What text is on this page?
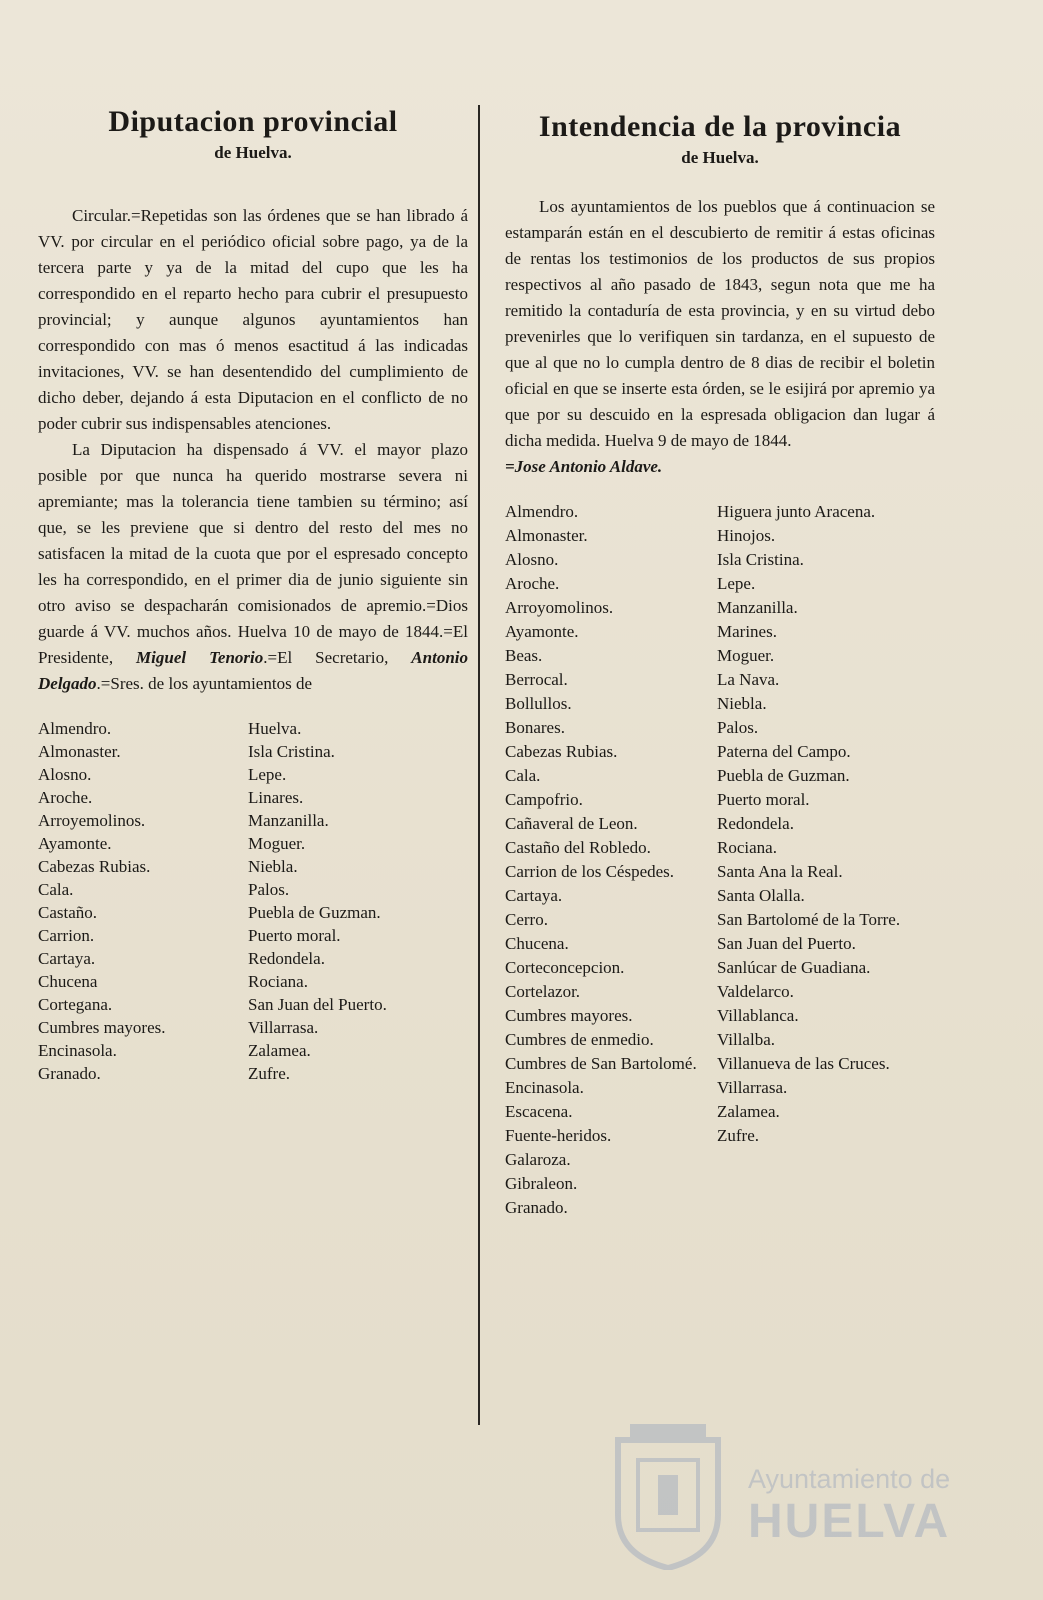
Diputacion provincial
de Huelva.

Circular.=Repetidas son las órdenes que se han librado á VV. por circular en el periódico oficial sobre pago, ya de la tercera parte y ya de la mitad del cupo que les ha correspondido en el reparto hecho para cubrir el presupuesto provincial; y aunque algunos ayuntamientos han correspondido con mas ó menos esactitud á las indicadas invitaciones, VV. se han desentendido del cumplimiento de dicho deber, dejando á esta Diputacion en el conflicto de no poder cubrir sus indispensables atenciones.

La Diputacion ha dispensado á VV. el mayor plazo posible por que nunca ha querido mostrarse severa ni apremiante; mas la tolerancia tiene tambien su término; así que, se les previene que si dentro del resto del mes no satisfacen la mitad de la cuota que por el espresado concepto les ha correspondido, en el primer dia de junio siguiente sin otro aviso se despacharán comisionados de apremio.=Dios guarde á VV. muchos años. Huelva 10 de mayo de 1844.=El Presidente, Miguel Tenorio.=El Secretario, Antonio Delgado.=Sres. de los ayuntamientos de

Almendro.
Almonaster.
Alosno.
Aroche.
Arroyemolinos.
Ayamonte.
Cabezas Rubias.
Cala.
Castaño.
Carrion.
Cartaya.
Chucena
Cortegana.
Cumbres mayores.
Encinasola.
Granado.
Huelva.
Isla Cristina.
Lepe.
Linares.
Manzanilla.
Moguer.
Niebla.
Palos.
Puebla de Guzman.
Puerto moral.
Redondela.
Rociana.
San Juan del Puerto.
Villarrasa.
Zalamea.
Zufre.
Intendencia de la provincia
de Huelva.

Los ayuntamientos de los pueblos que á continuacion se estamparán están en el descubierto de remitir á estas oficinas de rentas los testimonios de los productos de sus propios respectivos al año pasado de 1843, segun nota que me ha remitido la contaduría de esta provincia, y en su virtud debo prevenirles que lo verifiquen sin tardanza, en el supuesto de que al que no lo cumpla dentro de 8 dias de recibir el boletin oficial en que se inserte esta órden, se le esijirá por apremio ya que por su descuido en la espresada obligacion dan lugar á dicha medida. Huelva 9 de mayo de 1844.

=Jose Antonio Aldave.
Almendro.
Almonaster.
Alosno.
Aroche.
Arroyomolinos.
Ayamonte.
Beas.
Berrocal.
Bollullos.
Bonares.
Cabezas Rubias.
Cala.
Campofrio.
Cañaveral de Leon.
Castaño del Robledo.
Carrion de los Céspedes.
Cartaya.
Cerro.
Chucena.
Corteconcepcion.
Cortelazor.
Cumbres mayores.
Cumbres de enmedio.
Cumbres de San Bartolomé.
Encinasola.
Escacena.
Fuente-heridos.
Galaroza.
Gibraleon.
Granado.
Higuera junto Aracena.
Hinojos.
Isla Cristina.
Lepe.
Manzanilla.
Marines.
Moguer.
La Nava.
Niebla.
Palos.
Paterna del Campo.
Puebla de Guzman.
Puerto moral.
Redondela.
Rociana.
Santa Ana la Real.
Santa Olalla.
San Bartolomé de la Torre.
San Juan del Puerto.
Sanlúcar de Guadiana.
Valdelarco.
Villablanca.
Villalba.
Villanueva de las Cruces.
Villarrasa.
Zalamea.
Zufre.
Ayuntamiento de
HUELVA
